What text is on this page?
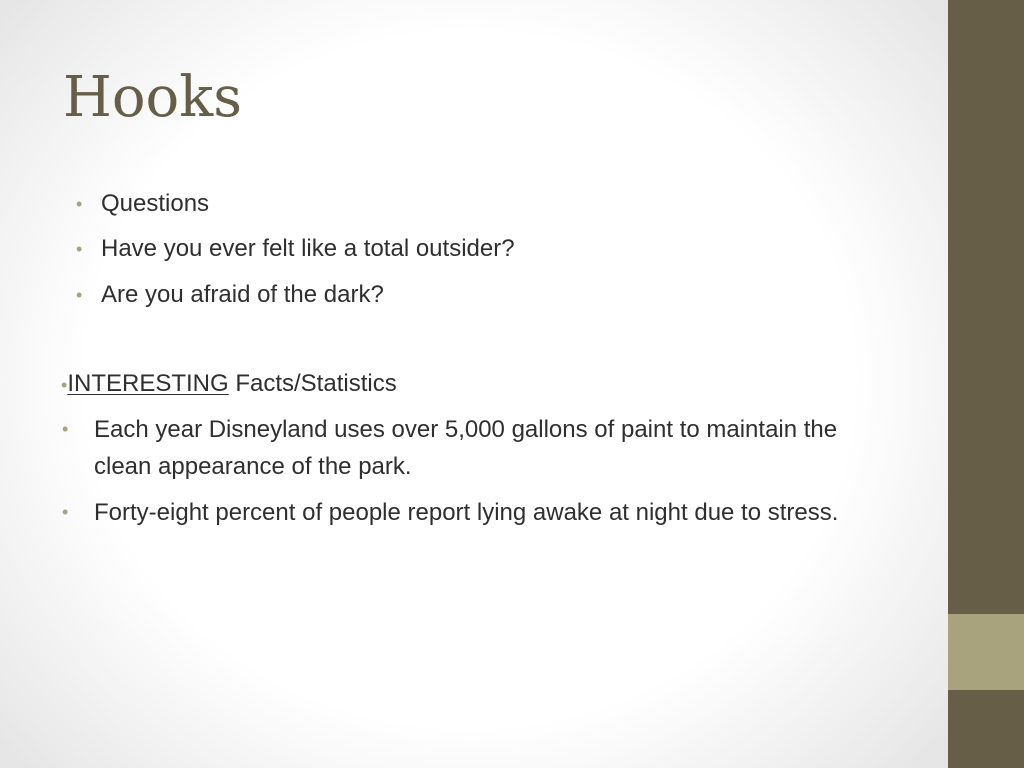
Hooks
• Questions
• Have you ever felt like a total outsider?
• Are you afraid of the dark?
•INTERESTING Facts/Statistics
• Each year Disneyland uses over 5,000 gallons of paint to maintain the clean appearance of the park.
• Forty-eight percent of people report lying awake at night due to stress.
